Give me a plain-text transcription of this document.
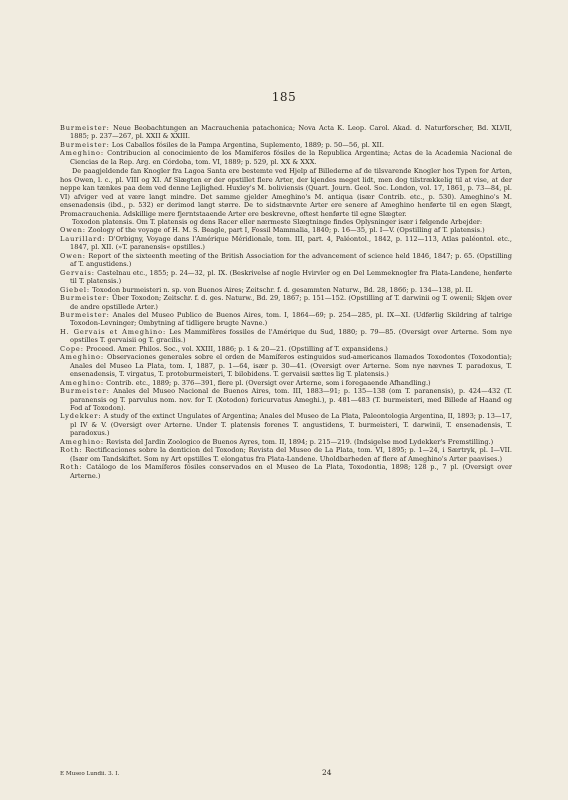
185

Burmeister: Neue Beobachtungen an Macrauchenia patachonica; Nova Acta K. Leop. Carol. Akad. d. Naturforscher, Bd. XLVII, 1885; p. 237—267, pl. XXII & XXIII.

Burmeister: Los Caballos fósiles de la Pampa Argentina, Suplemento, 1889; p. 50—56, pl. XII.

Ameghino: Contribucion al conocimiento de los Mamiferos fósiles de la Republica Argentina; Actas de la Academia Nacional de Ciencias de la Rep. Arg. en Córdoba, tom. VI, 1889; p. 529, pl. XX & XXX.

De paagjeldende fan Knogler fra Lagoa Santa ere bestemte ved Hjelp af Billederne af de tilsvarende Knogler hos Typen for Arten, hos Owen, l. c., pl. VIII og XI. Af Slægten er der opstillet flere Arter, der kjendes meget lidt, men dog tilstrækkelig til at vise, at der neppe kan tænkes paa dem ved denne Lejlighed. Huxley's M. boliviensis (Quart. Journ. Geol. Soc. London, vol. 17, 1861, p. 73—84, pl. VI) afviger ved at være langt mindre. Det samme gjelder Ameghino's M. antiqua (især Contrib. etc., p. 530). Ameghino's M. ensenadensis (ibd., p. 532) er derimod langt større. De to sidstnævnte Arter ere senere af Ameghino henførte til en egen Slægt, Promacrauchenia. Adskillige mere fjerntstaaende Arter ere beskrevne, oftest henførte til egne Slægter.

Toxodon platensis. Om T. platensis og dens Racer eller nærmeste Slægtninge findes Oplysninger især i følgende Arbejder:

Owen: Zoology of the voyage of H. M. S. Beagle, part I, Fossil Mammalia, 1840; p. 16—35, pl. I—V. (Opstilling af T. platensis.)

Laurillard: D'Orbigny, Voyage dans l'Amérique Méridionale, tom. III, part. 4, Paléontol., 1842, p. 112—113, Atlas paléontol. etc., 1847, pl. XII. (»T. paranensis« opstilles.)

Owen: Report of the sixteenth meeting of the British Association for the advancement of science held 1846, 1847; p. 65. (Opstilling af T. angustidens.)

Gervais: Castelnau etc., 1855; p. 24—32, pl. IX. (Beskrivelse af nogle Hvirvler og en Del Lemmeknogler fra Plata-Landene, henførte til T. platensis.)

Giebel: Toxodon burmeisteri n. sp. von Buenos Aires; Zeitschr. f. d. gesammten Naturw., Bd. 28, 1866; p. 134—138, pl. II.

Burmeister: Über Toxodon; Zeitschr. f. d. ges. Naturw., Bd. 29, 1867; p. 151—152. (Opstilling af T. darwinii og T. owenii; Skjøn over de andre opstillede Arter.)

Burmeister: Anales del Museo Publico de Buenos Aires, tom. I, 1864—69; p. 254—285, pl. IX—XI. (Udførlig Skildring af talrige Toxodon-Levninger; Ombytning af tidligere brugte Navne.)

H. Gervais et Ameghino: Les Mammifères fossiles de l'Amérique du Sud, 1880; p. 79—85. (Oversigt over Arterne. Som nye opstilles T. gervaisii og T. gracilis.)

Cope: Proceed. Amer. Philos. Soc., vol. XXIII, 1886; p. 1 & 20—21. (Opstilling af T. expansidens.)

Ameghino: Observaciones generales sobre el orden de Mamíferos estinguidos sud-americanos llamados Toxodontes (Toxodontia); Anales del Museo La Plata, tom. I, 1887, p. 1—64, især p. 30—41. (Oversigt over Arterne. Som nye nævnes T. paradoxus, T. ensenadensis, T. virgatus, T. protoburmeisteri, T. bilobidens. T. gervaisii sættes lig T. platensis.)

Ameghino: Contrib. etc., 1889; p. 376—391, flere pl. (Oversigt over Arterne, som i foregaaende Afhandling.)

Burmeister: Anales del Museo Nacional de Buenos Aires, tom. III, 1883—91; p. 135—138 (om T. paranensis), p. 424—432 (T. paranensis og T. parvulus nom. nov. for T. (Xotodon) foricurvatus Ameghi.), p. 481—483 (T. burmeisteri, med Billede af Haand og Fod af Toxodon).

Lydekker: A study of the extinct Ungulates of Argentina; Anales del Museo de La Plata, Paleontologia Argentina, II, 1893; p. 13—17, pl IV & V. (Oversigt over Arterne. Under T. platensis forenes T. angustidens, T. burmeisteri, T. darwinii, T. ensenadensis, T. paradoxus.)

Ameghino: Revista del Jardin Zoologico de Buenos Ayres, tom. II, 1894; p. 215—219. (Indsigelse mod Lydekker's Fremstilling.)

Roth: Rectificaciones sobre la denticion del Toxodon; Revista del Museo de La Plata, tom. VI, 1895; p. 1—24, i Særtryk, pl. I—VII. (Især om Tandskiftet. Som ny Art opstilles T. elongatus fra Plata-Landene. Uholdbarheden af flere af Ameghino's Arter paavises.)

Roth: Catálogo de los Mamíferos fósiles conservados en el Museo de La Plata, Toxodontia, 1898; 128 p., 7 pl. (Oversigt over Arterne.)

E Museo Lundii. 3. I.	24
